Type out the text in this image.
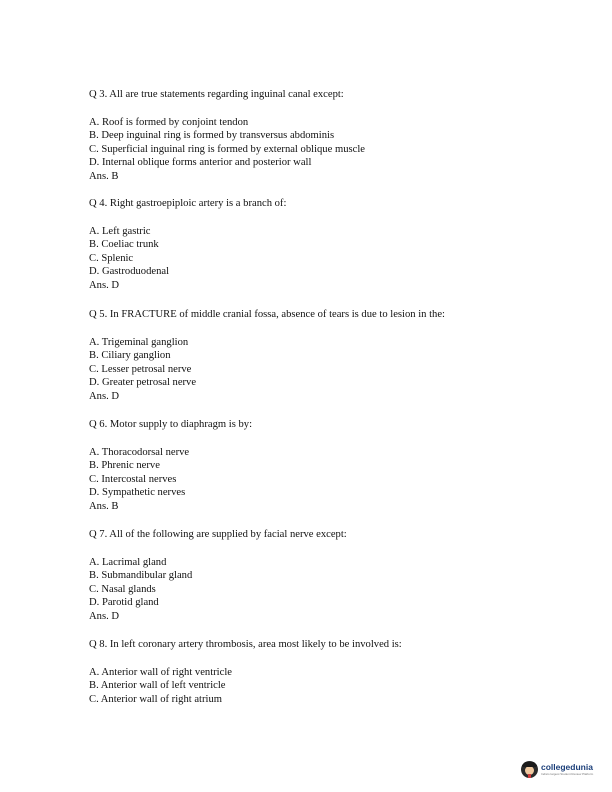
Q 3. All are true statements regarding inguinal canal except:

A. Roof is formed by conjoint tendon
B. Deep inguinal ring is formed by transversus abdominis
C. Superficial inguinal ring is formed by external oblique muscle
D. Internal oblique forms anterior and posterior wall
Ans. B

Q 4. Right gastroepiploic artery is a branch of:

A. Left gastric
B. Coeliac trunk
C. Splenic
D. Gastroduodenal
Ans. D

Q 5. In FRACTURE of middle cranial fossa, absence of tears is due to lesion in the:

A. Trigeminal ganglion
B. Ciliary ganglion
C. Lesser petrosal nerve
D. Greater petrosal nerve
Ans. D

Q 6. Motor supply to diaphragm is by:

A. Thoracodorsal nerve
B. Phrenic nerve
C. Intercostal nerves
D. Sympathetic nerves
Ans. B

Q 7. All of the following are supplied by facial nerve except:

A. Lacrimal gland
B. Submandibular gland
C. Nasal glands
D. Parotid gland
Ans. D

Q 8. In left coronary artery thrombosis, area most likely to be involved is:

A. Anterior wall of right ventricle
B. Anterior wall of left ventricle
C. Anterior wall of right atrium
collegedunia
India's largest Student Review Platform
